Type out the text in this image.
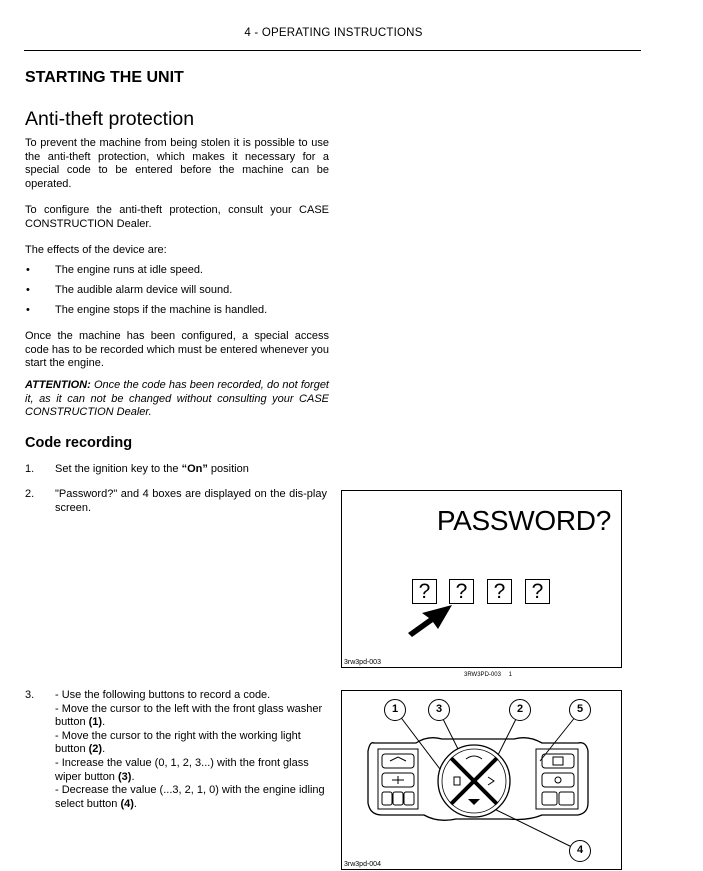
4 - OPERATING INSTRUCTIONS
STARTING THE UNIT
Anti-theft protection
To prevent the machine from being stolen it is possible to use the anti-theft protection, which makes it necessary for a special code to be entered before the machine can be operated.
To configure the anti-theft protection, consult your CASE CONSTRUCTION Dealer.
The effects of the device are:
• The engine runs at idle speed.
• The audible alarm device will sound.
• The engine stops if the machine is handled.
Once the machine has been configured, a special access code has to be recorded which must be entered whenever you start the engine.
ATTENTION: Once the code has been recorded, do not forget it, as it can not be changed without consulting your CASE CONSTRUCTION Dealer.
Code recording
1. Set the ignition key to the “On” position
2. "Password?" and 4 boxes are displayed on the dis-play screen.
3. - Use the following buttons to record a code.
- Move the cursor to the left with the front glass washer button (1).
- Move the cursor to the right with the working light button (2).
- Increase the value (0, 1, 2, 3...) with the front glass wiper button (3).
- Decrease the value (...3, 2, 1, 0) with the engine idling select button (4).
PASSWORD?
?	?	?	?
3rw3pd-003
3RW3PD-003 1
1	3	2	5
4
3rw3pd-004
